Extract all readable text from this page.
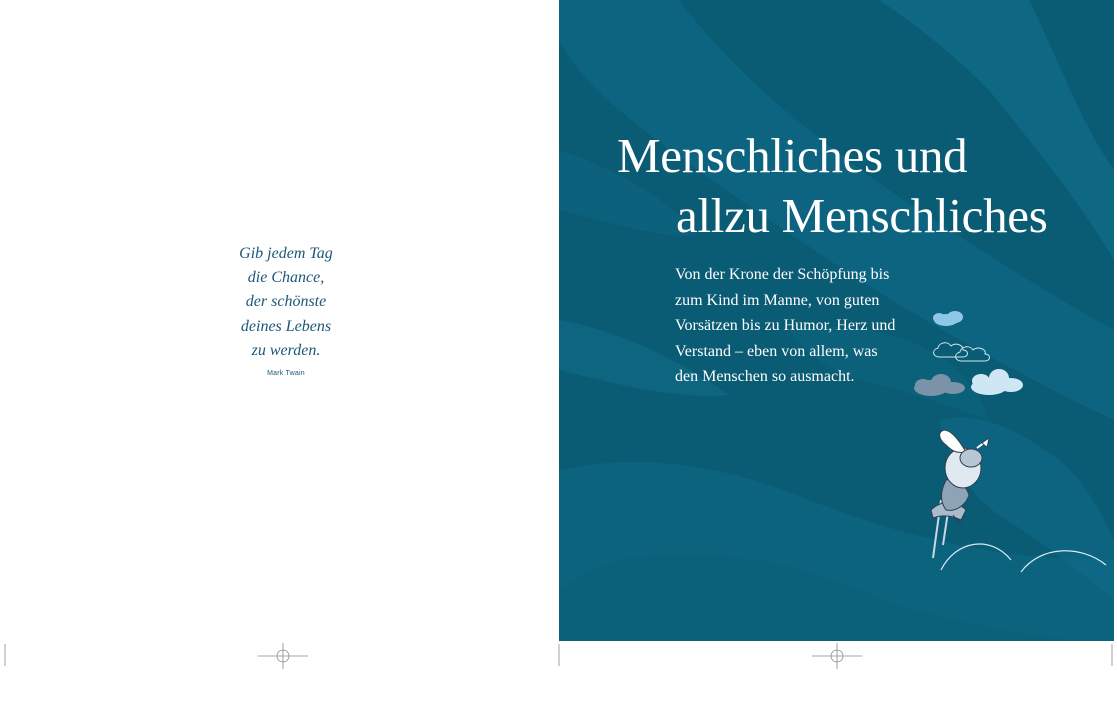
Gib jedem Tag
die Chance,
der schönste
deines Lebens
zu werden.
Mark Twain
Menschliches und
allzu Menschliches
Von der Krone der Schöpfung bis
zum Kind im Manne, von guten
Vorsätzen bis zu Humor, Herz und
Verstand – eben von allem, was
den Menschen so ausmacht.
